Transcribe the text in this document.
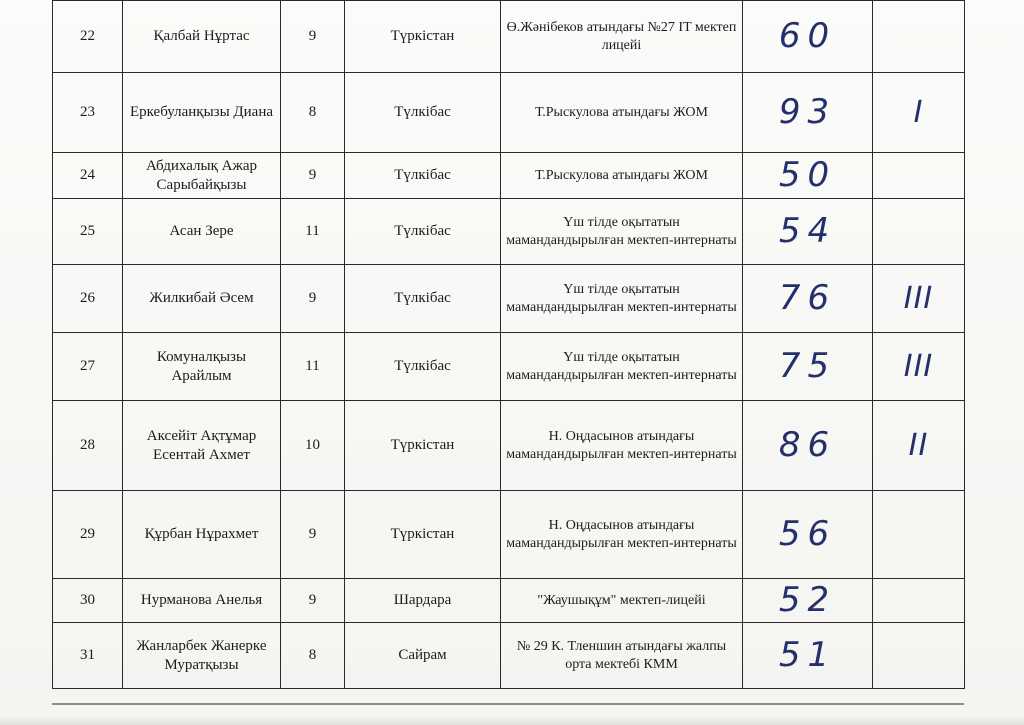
22	Қалбай Нұртас	9	Түркістан	Ө.Жәнібеков атындағы №27 IT мектеп лицейі	60	
23	Еркебуланқызы Диана	8	Түлкібас	Т.Рыскулова атындағы ЖОМ	93	I
24	Абдихалық Ажар Сарыбайқызы	9	Түлкібас	Т.Рыскулова атындағы ЖОМ	50	
25	Асан Зере	11	Түлкібас	Үш тілде оқытатын мамандандырылған мектеп-интернаты	54	
26	Жилкибай Әсем	9	Түлкібас	Үш тілде оқытатын мамандандырылған мектеп-интернаты	76	III
27	Комуналқызы Арайлым	11	Түлкібас	Үш тілде оқытатын мамандандырылған мектеп-интернаты	75	III
28	Аксейіт Ақтұмар Есентай Ахмет	10	Түркістан	Н. Оңдасынов атындағы мамандандырылған мектеп-интернаты	86	II
29	Құрбан Нұрахмет	9	Түркістан	Н. Оңдасынов атындағы мамандандырылған мектеп-интернаты	56	
30	Нурманова Анелья	9	Шардара	"Жаушықұм" мектеп-лицейі	52	
31	Жанларбек Жанерке Муратқызы	8	Сайрам	№ 29 К. Тленшин атындағы жалпы орта мектебі КММ	51	
